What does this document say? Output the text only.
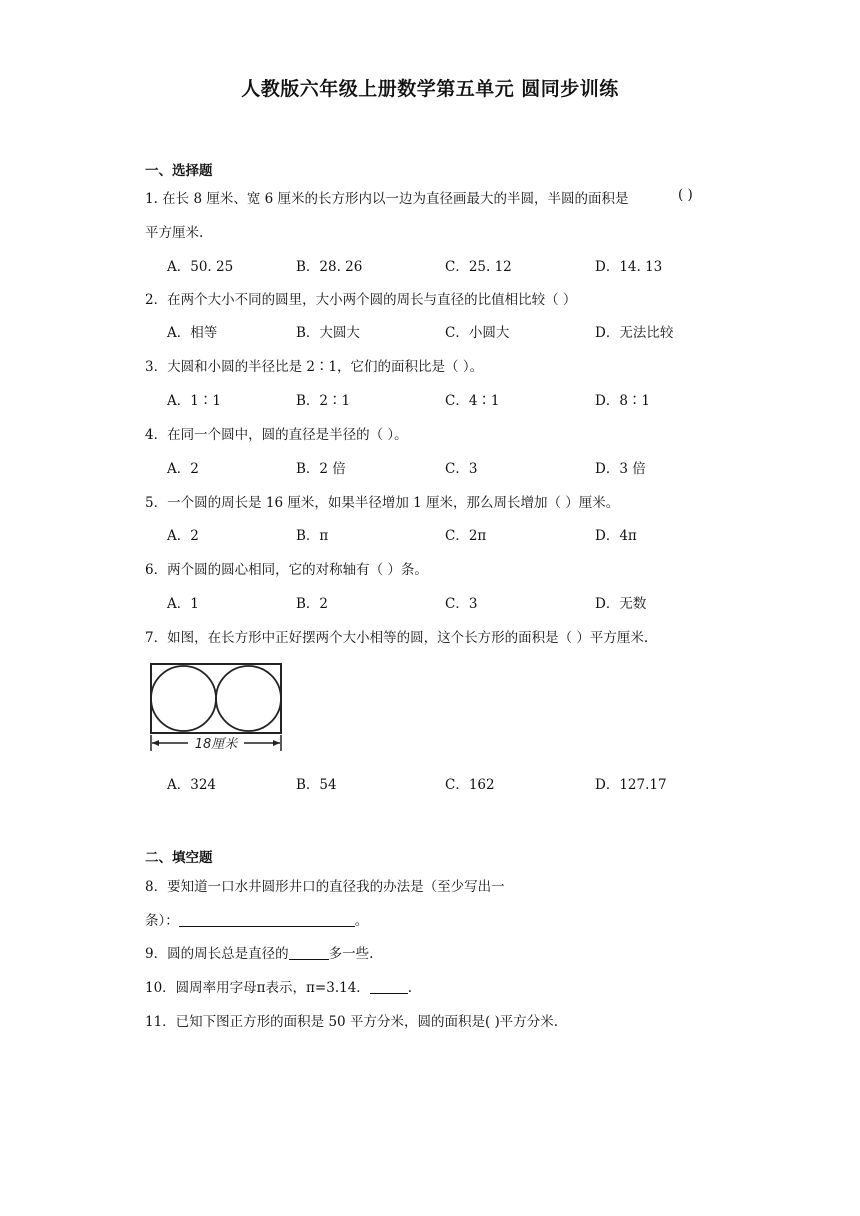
人教版六年级上册数学第五单元 圆同步训练
一、选择题
1. 在长 8 厘米、宽 6 厘米的长方形内以一边为直径画最大的半圆，半圆的面积是	( )
平方厘米.
A．50. 25	B．28. 26	C．25. 12	D．14. 13
2．在两个大小不同的圆里，大小两个圆的周长与直径的比值相比较（ ）
A．相等	B．大圆大	C．小圆大	D．无法比较
3．大圆和小圆的半径比是 2∶1，它们的面积比是（ ）。
A．1∶1	B．2∶1	C．4∶1	D．8∶1
4．在同一个圆中，圆的直径是半径的（ ）。
A．2	B．2 倍	C．3	D．3 倍
5．一个圆的周长是 16 厘米，如果半径增加 1 厘米，那么周长增加（ ）厘米。
A．2	B．π	C．2π	D．4π
6．两个圆的圆心相同，它的对称轴有（ ）条。
A．1	B．2	C．3	D．无数
7．如图，在长方形中正好摆两个大小相等的圆，这个长方形的面积是（ ）平方厘米.
18厘米
A．324	B．54	C．162	D．127.17
二、填空题
8．要知道一口水井圆形井口的直径我的办法是（至少写出一
条）：	。
9．圆的周长总是直径的	多一些.
10．圆周率用字母π表示，π=3.14．	.
11．已知下图正方形的面积是 50 平方分米，圆的面积是( )平方分米.
